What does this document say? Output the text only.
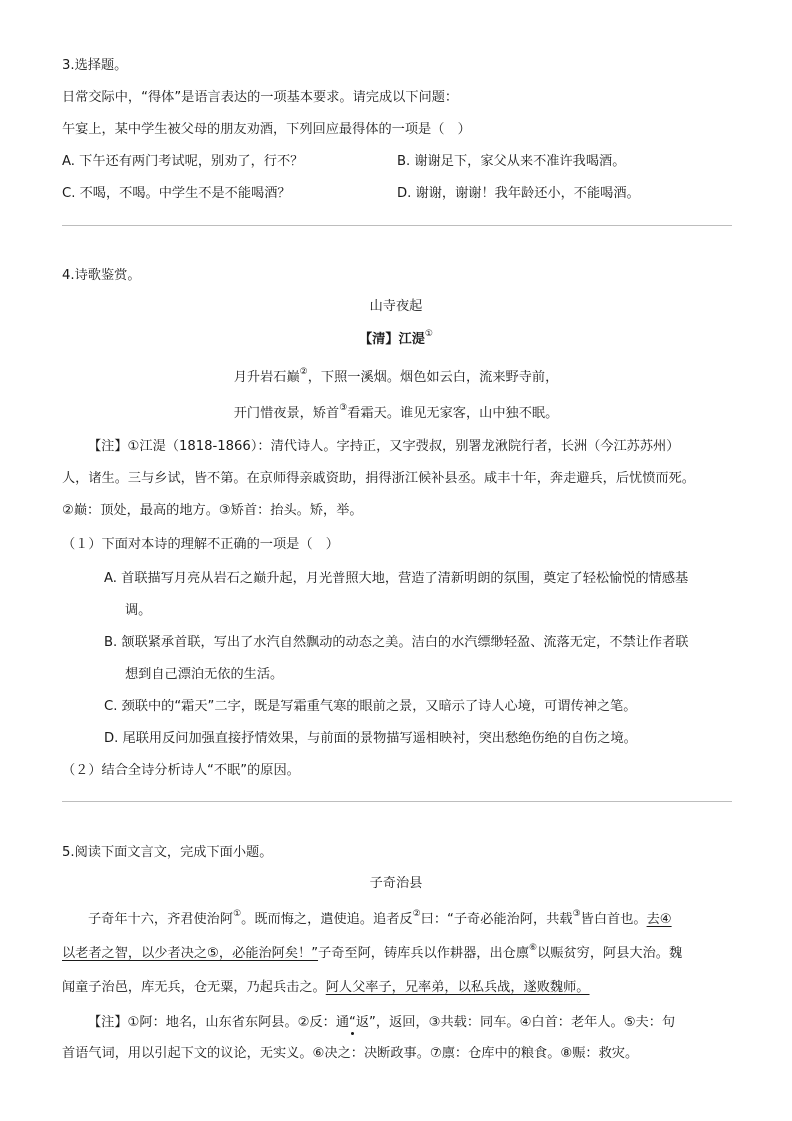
3.选择题。
日常交际中，“得体”是语言表达的一项基本要求。请完成以下问题：
午宴上，某中学生被父母的朋友劝酒，下列回应最得体的一项是（　）
A. 下午还有两门考试呢，别劝了，行不？	B. 谢谢足下，家父从来不准许我喝酒。
C. 不喝，不喝。中学生不是不能喝酒？	D. 谢谢，谢谢！我年龄还小，不能喝酒。
4.诗歌鉴赏。
山寺夜起
【清】江湜①
月升岩石巅②，下照一溪烟。烟色如云白，流来野寺前，
开门惜夜景，矫首③看霜天。谁见无家客，山中独不眠。
【注】①江湜（1818-1866）：清代诗人。字持正，又字弢叔，别署龙湫院行者，长洲（今江苏苏州）
人，诸生。三与乡试，皆不第。在京师得亲戚资助，捐得浙江候补县丞。咸丰十年，奔走避兵，后忧愤而死。
②巅：顶处，最高的地方。③矫首：抬头。矫，举。
（１）下面对本诗的理解不正确的一项是（　）
A. 首联描写月亮从岩石之巅升起，月光普照大地，营造了清新明朗的氛围，奠定了轻松愉悦的情感基
调。
B. 颔联紧承首联，写出了水汽自然飘动的动态之美。洁白的水汽缥缈轻盈、流落无定，不禁让作者联
想到自己漂泊无依的生活。
C. 颈联中的“霜天”二字，既是写霜重气寒的眼前之景，又暗示了诗人心境，可谓传神之笔。
D. 尾联用反问加强直接抒情效果，与前面的景物描写遥相映衬，突出愁绝伤绝的自伤之境。
（２）结合全诗分析诗人“不眠”的原因。
5.阅读下面文言文，完成下面小题。
子奇治县
子奇年十六，齐君使治阿①。既而悔之，遣使追。追者反②曰：“子奇必能治阿，共载③皆白首也。去④
以老者之智，以少者决之⑤，必能治阿矣！”子奇至阿，铸库兵以作耕器，出仓廪⑥以赈贫穷，阿县大治。魏
闻童子治邑，库无兵，仓无粟，乃起兵击之。阿人父率子，兄率弟，以私兵战，遂败魏师。
【注】①阿：地名，山东省东阿县。②反：通“返”，返回，③共载：同车。④白首：老年人。⑤夫：句
首语气词，用以引起下文的议论，无实义。⑥决之：决断政事。⑦廪：仓库中的粮食。⑧赈：救灾。
